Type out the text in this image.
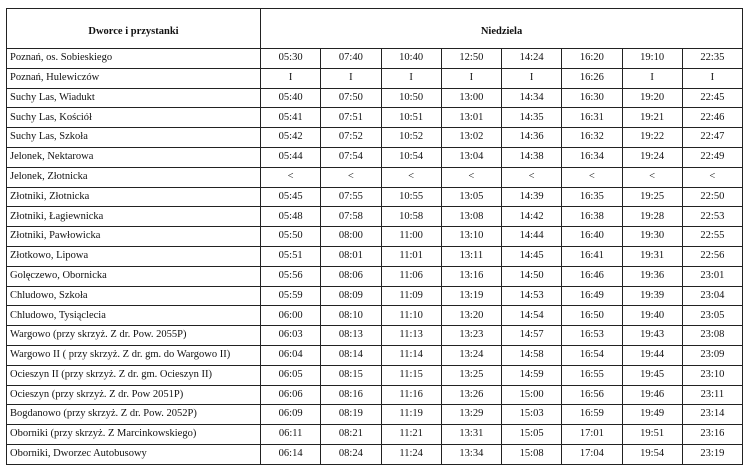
Dworce i przystanki	Niedziela							
Poznań, os. Sobieskiego	05:30	07:40	10:40	12:50	14:24	16:20	19:10	22:35
Poznań, Hulewiczów	I	I	I	I	I	16:26	I	I
Suchy Las, Wiadukt	05:40	07:50	10:50	13:00	14:34	16:30	19:20	22:45
Suchy Las, Kościół	05:41	07:51	10:51	13:01	14:35	16:31	19:21	22:46
Suchy Las, Szkoła	05:42	07:52	10:52	13:02	14:36	16:32	19:22	22:47
Jelonek, Nektarowa	05:44	07:54	10:54	13:04	14:38	16:34	19:24	22:49
Jelonek, Złotnicka	<	<	<	<	<	<	<	<
Złotniki, Złotnicka	05:45	07:55	10:55	13:05	14:39	16:35	19:25	22:50
Złotniki, Łagiewnicka	05:48	07:58	10:58	13:08	14:42	16:38	19:28	22:53
Złotniki, Pawłowicka	05:50	08:00	11:00	13:10	14:44	16:40	19:30	22:55
Złotkowo, Lipowa	05:51	08:01	11:01	13:11	14:45	16:41	19:31	22:56
Golęczewo, Obornicka	05:56	08:06	11:06	13:16	14:50	16:46	19:36	23:01
Chludowo, Szkoła	05:59	08:09	11:09	13:19	14:53	16:49	19:39	23:04
Chludowo, Tysiąclecia	06:00	08:10	11:10	13:20	14:54	16:50	19:40	23:05
Wargowo (przy skrzyż. Z dr. Pow. 2055P)	06:03	08:13	11:13	13:23	14:57	16:53	19:43	23:08
Wargowo II ( przy skrzyż. Z dr. gm. do Wargowo II)	06:04	08:14	11:14	13:24	14:58	16:54	19:44	23:09
Ocieszyn II (przy skrzyż. Z dr. gm. Ocieszyn II)	06:05	08:15	11:15	13:25	14:59	16:55	19:45	23:10
Ocieszyn (przy skrzyż. Z dr. Pow 2051P)	06:06	08:16	11:16	13:26	15:00	16:56	19:46	23:11
Bogdanowo (przy skrzyż. Z dr. Pow. 2052P)	06:09	08:19	11:19	13:29	15:03	16:59	19:49	23:14
Oborniki (przy skrzyż. Z Marcinkowskiego)	06:11	08:21	11:21	13:31	15:05	17:01	19:51	23:16
Oborniki, Dworzec Autobusowy	06:14	08:24	11:24	13:34	15:08	17:04	19:54	23:19
